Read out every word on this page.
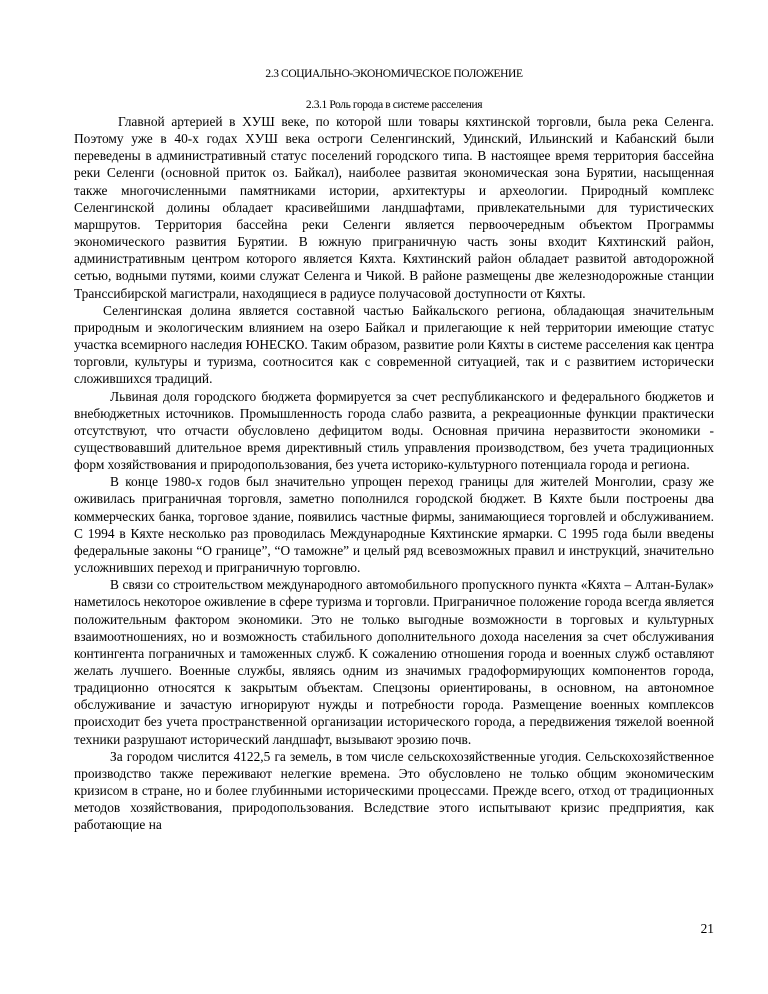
2.3 СОЦИАЛЬНО-ЭКОНОМИЧЕСКОЕ ПОЛОЖЕНИЕ
2.3.1 Роль города в системе расселения

Главной артерией в ХУШ веке, по которой шли товары кяхтинской торговли, была река Селенга. Поэтому уже в 40-х годах ХУШ века остроги Селенгинский, Удинский, Ильинский и Кабанский были переведены в административный статус поселений городского типа. В настоящее время территория бассейна реки Селенги (основной приток оз. Байкал), наиболее развитая экономическая зона Бурятии, насыщенная также многочисленными памятниками истории, архитектуры и археологии. Природный комплекс Селенгинской долины обладает красивейшими ландшафтами, привлекательными для туристических маршрутов. Территория бассейна реки Селенги является первоочередным объектом Программы экономического развития Бурятии. В южную приграничную часть зоны входит Кяхтинский район, административным центром которого является Кяхта. Кяхтинский район обладает развитой автодорожной сетью, водными путями, коими служат Селенга и Чикой. В районе размещены две железнодорожные станции Транссибирской магистрали, находящиеся в радиусе получасовой доступности от Кяхты.

Селенгинская долина является составной частью Байкальского региона, обладающая значительным природным и экологическим влиянием на озеро Байкал и прилегающие к ней территории имеющие статус участка всемирного наследия ЮНЕСКО. Таким образом, развитие роли Кяхты в системе расселения как центра торговли, культуры и туризма, соотносится как с современной ситуацией, так и с развитием исторически сложившихся традиций.

Львиная доля городского бюджета формируется за счет республиканского и федерального бюджетов и внебюджетных источников. Промышленность города слабо развита, а рекреационные функции практически отсутствуют, что отчасти обусловлено дефицитом воды. Основная причина неразвитости экономики - существовавший длительное время директивный стиль управления производством, без учета традиционных форм хозяйствования и природопользования, без учета историко-культурного потенциала города и региона.

В конце 1980-х годов был значительно упрощен переход границы для жителей Монголии, сразу же оживилась приграничная торговля, заметно пополнился городской бюджет. В Кяхте были построены два коммерческих банка, торговое здание, появились частные фирмы, занимающиеся торговлей и обслуживанием. С 1994 в Кяхте несколько раз проводилась Международные Кяхтинские ярмарки. С 1995 года были введены федеральные законы “О границе”, “О таможне” и целый ряд всевозможных правил и инструкций, значительно усложнивших переход и приграничную торговлю.

В связи со строительством международного автомобильного пропускного пункта «Кяхта – Алтан-Булак» наметилось некоторое оживление в сфере туризма и торговли. Приграничное положение города всегда является положительным фактором экономики. Это не только выгодные возможности в торговых и культурных взаимоотношениях, но и возможность стабильного дополнительного дохода населения за счет обслуживания контингента пограничных и таможенных служб. К сожалению отношения города и военных служб оставляют желать лучшего. Военные службы, являясь одним из значимых градоформирующих компонентов города, традиционно относятся к закрытым объектам. Спецзоны ориентированы, в основном, на автономное обслуживание и зачастую игнорируют нужды и потребности города. Размещение военных комплексов происходит без учета пространственной организации исторического города, а передвижения тяжелой военной техники разрушают исторический ландшафт, вызывают эрозию почв.

За городом числится 4122,5 га земель, в том числе сельскохозяйственные угодия. Сельскохозяйственное производство также переживают нелегкие времена. Это обусловлено не только общим экономическим кризисом в стране, но и более глубинными историческими процессами. Прежде всего, отход от традиционных методов хозяйствования, природопользования. Вследствие этого испытывают кризис предприятия, как работающие на

21
